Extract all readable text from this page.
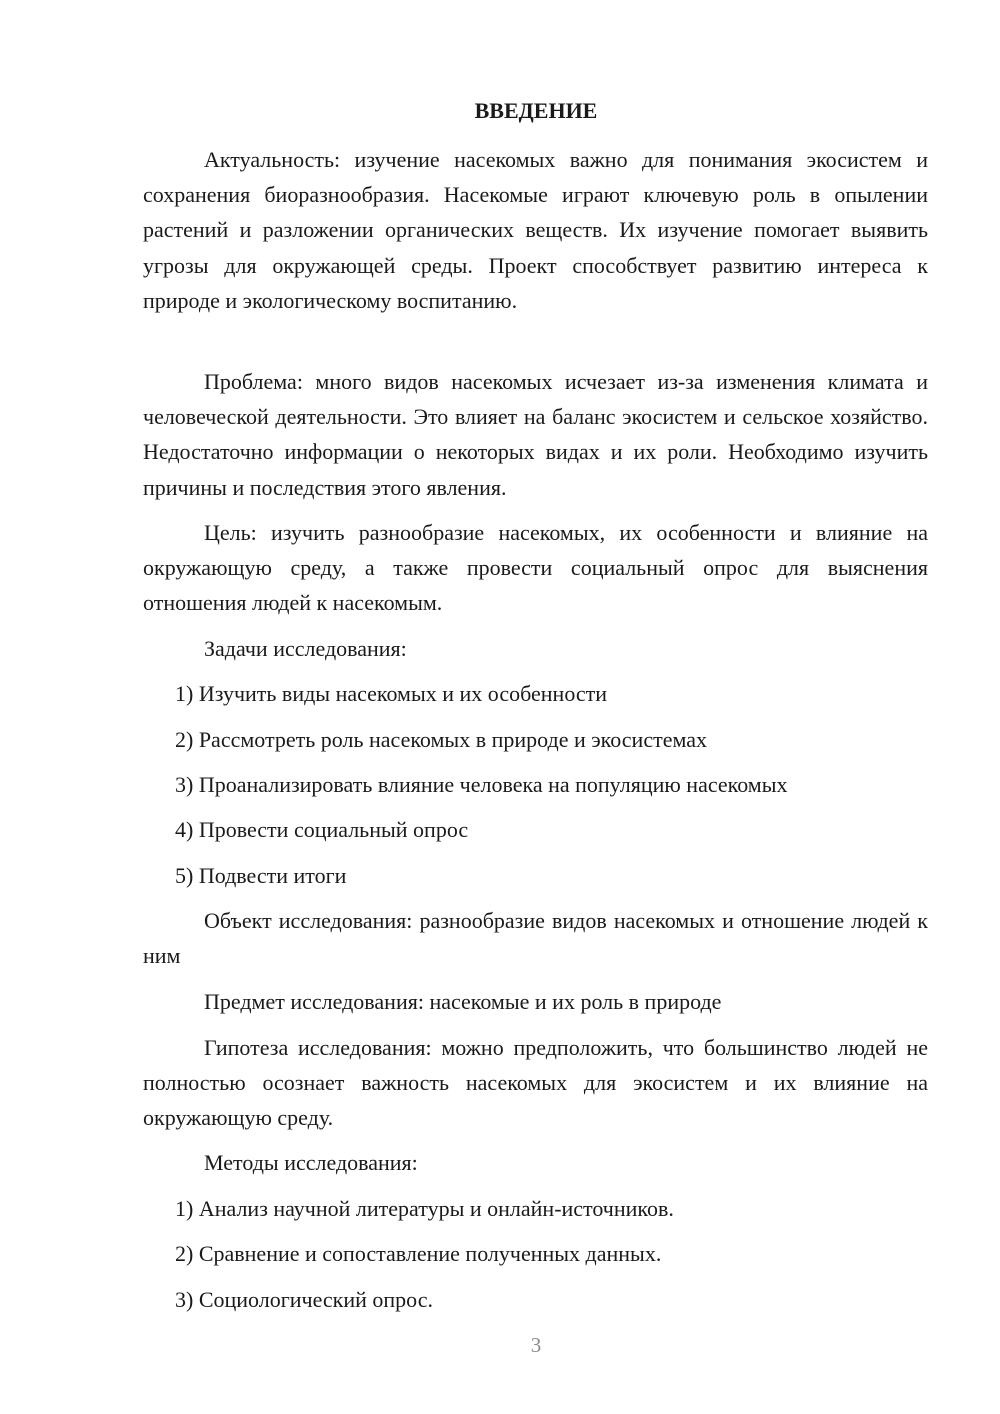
ВВЕДЕНИЕ

Актуальность: изучение насекомых важно для понимания экосистем и сохранения биоразнообразия. Насекомые играют ключевую роль в опылении растений и разложении органических веществ. Их изучение помогает выявить угрозы для окружающей среды. Проект способствует развитию интереса к природе и экологическому воспитанию.

Проблема: много видов насекомых исчезает из-за изменения климата и человеческой деятельности. Это влияет на баланс экосистем и сельское хозяйство. Недостаточно информации о некоторых видах и их роли. Необходимо изучить причины и последствия этого явления.

Цель: изучить разнообразие насекомых, их особенности и влияние на окружающую среду, а также провести социальный опрос для выяснения отношения людей к насекомым.

Задачи исследования:

1) Изучить виды насекомых и их особенности

2) Рассмотреть роль насекомых в природе и экосистемах

3) Проанализировать влияние человека на популяцию насекомых

4) Провести социальный опрос

5) Подвести итоги

Объект исследования: разнообразие видов насекомых и отношение людей к ним

Предмет исследования: насекомые и их роль в природе

Гипотеза исследования: можно предположить, что большинство людей не полностью осознает важность насекомых для экосистем и их влияние на окружающую среду.

Методы исследования:

1) Анализ научной литературы и онлайн-источников.

2) Сравнение и сопоставление полученных данных.

3) Социологический опрос.

3
